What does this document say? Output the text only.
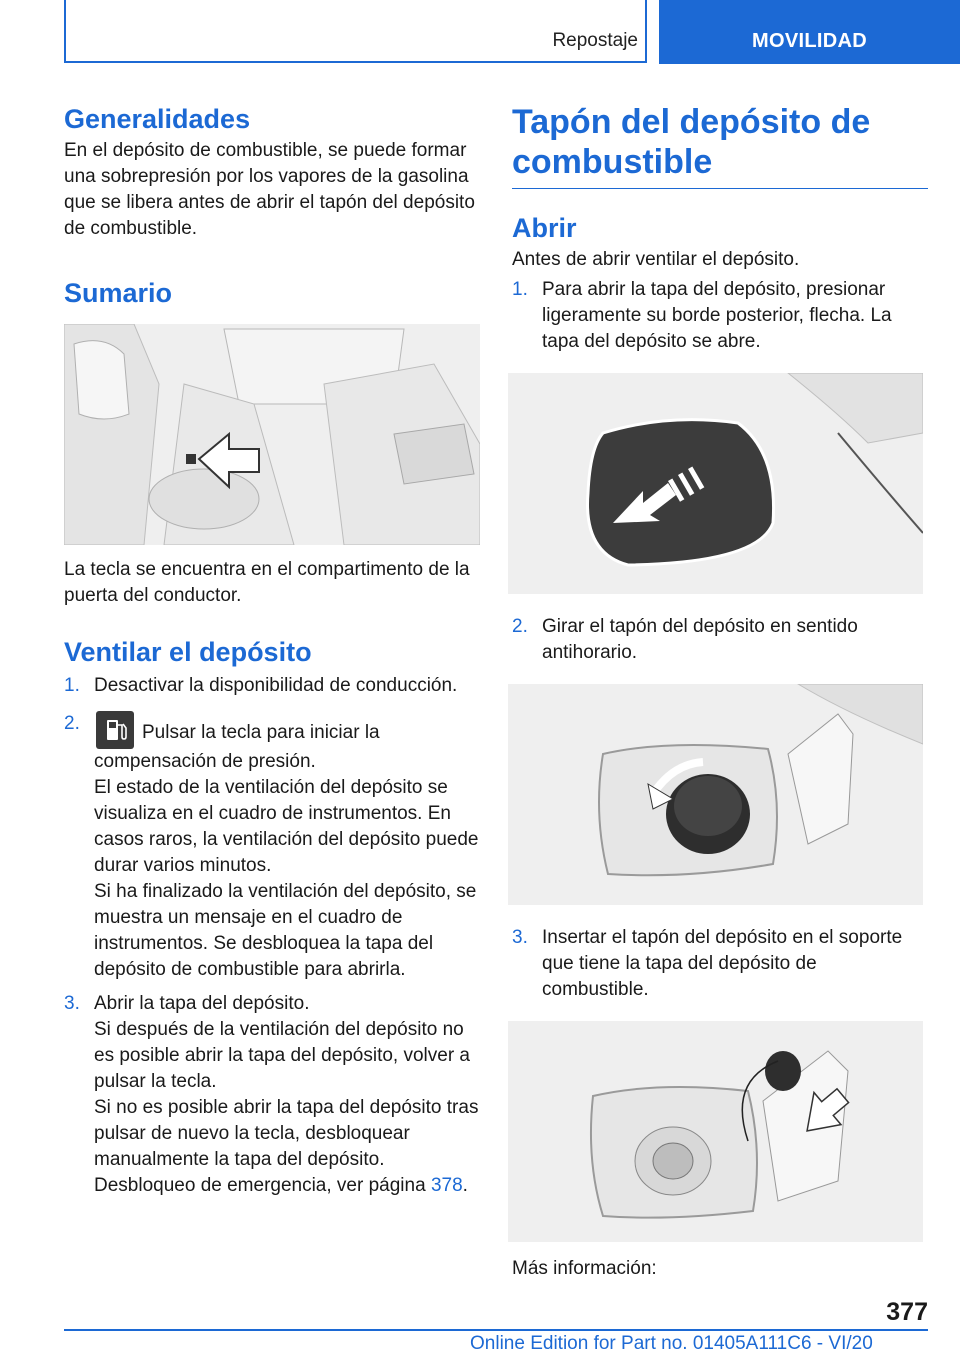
Repostaje	MOVILIDAD
Generalidades

En el depósito de combustible, se puede formar una sobrepresión por los vapores de la gasolina que se libera antes de abrir el tapón del depósito de combustible.

Sumario

La tecla se encuentra en el compartimento de la puerta del conductor.

Ventilar el depósito
1. Desactivar la disponibilidad de conducción.

2.	Pulsar la tecla para iniciar la compensación de presión.

El estado de la ventilación del depósito se visualiza en el cuadro de instrumentos. En casos raros, la ventilación del depósito puede durar varios minutos.

Si ha finalizado la ventilación del depósito, se muestra un mensaje en el cuadro de instrumentos. Se desbloquea la tapa del depósito de combustible para abrirla.

3. Abrir la tapa del depósito.

Si después de la ventilación del depósito no es posible abrir la tapa del depósito, volver a pulsar la tecla.

Si no es posible abrir la tapa del depósito tras pulsar de nuevo la tecla, desbloquear manualmente la tapa del depósito.

Desbloqueo de emergencia, ver página 378.

Tapón del depósito de combustible
Abrir

Antes de abrir ventilar el depósito.

1. Para abrir la tapa del depósito, presionar ligeramente su borde posterior, flecha. La tapa del depósito se abre.

2. Girar el tapón del depósito en sentido antihorario.

3. Insertar el tapón del depósito en el soporte que tiene la tapa del depósito de combustible.

Más información:

377
Online Edition for Part no. 01405A111C6 - VI/20
